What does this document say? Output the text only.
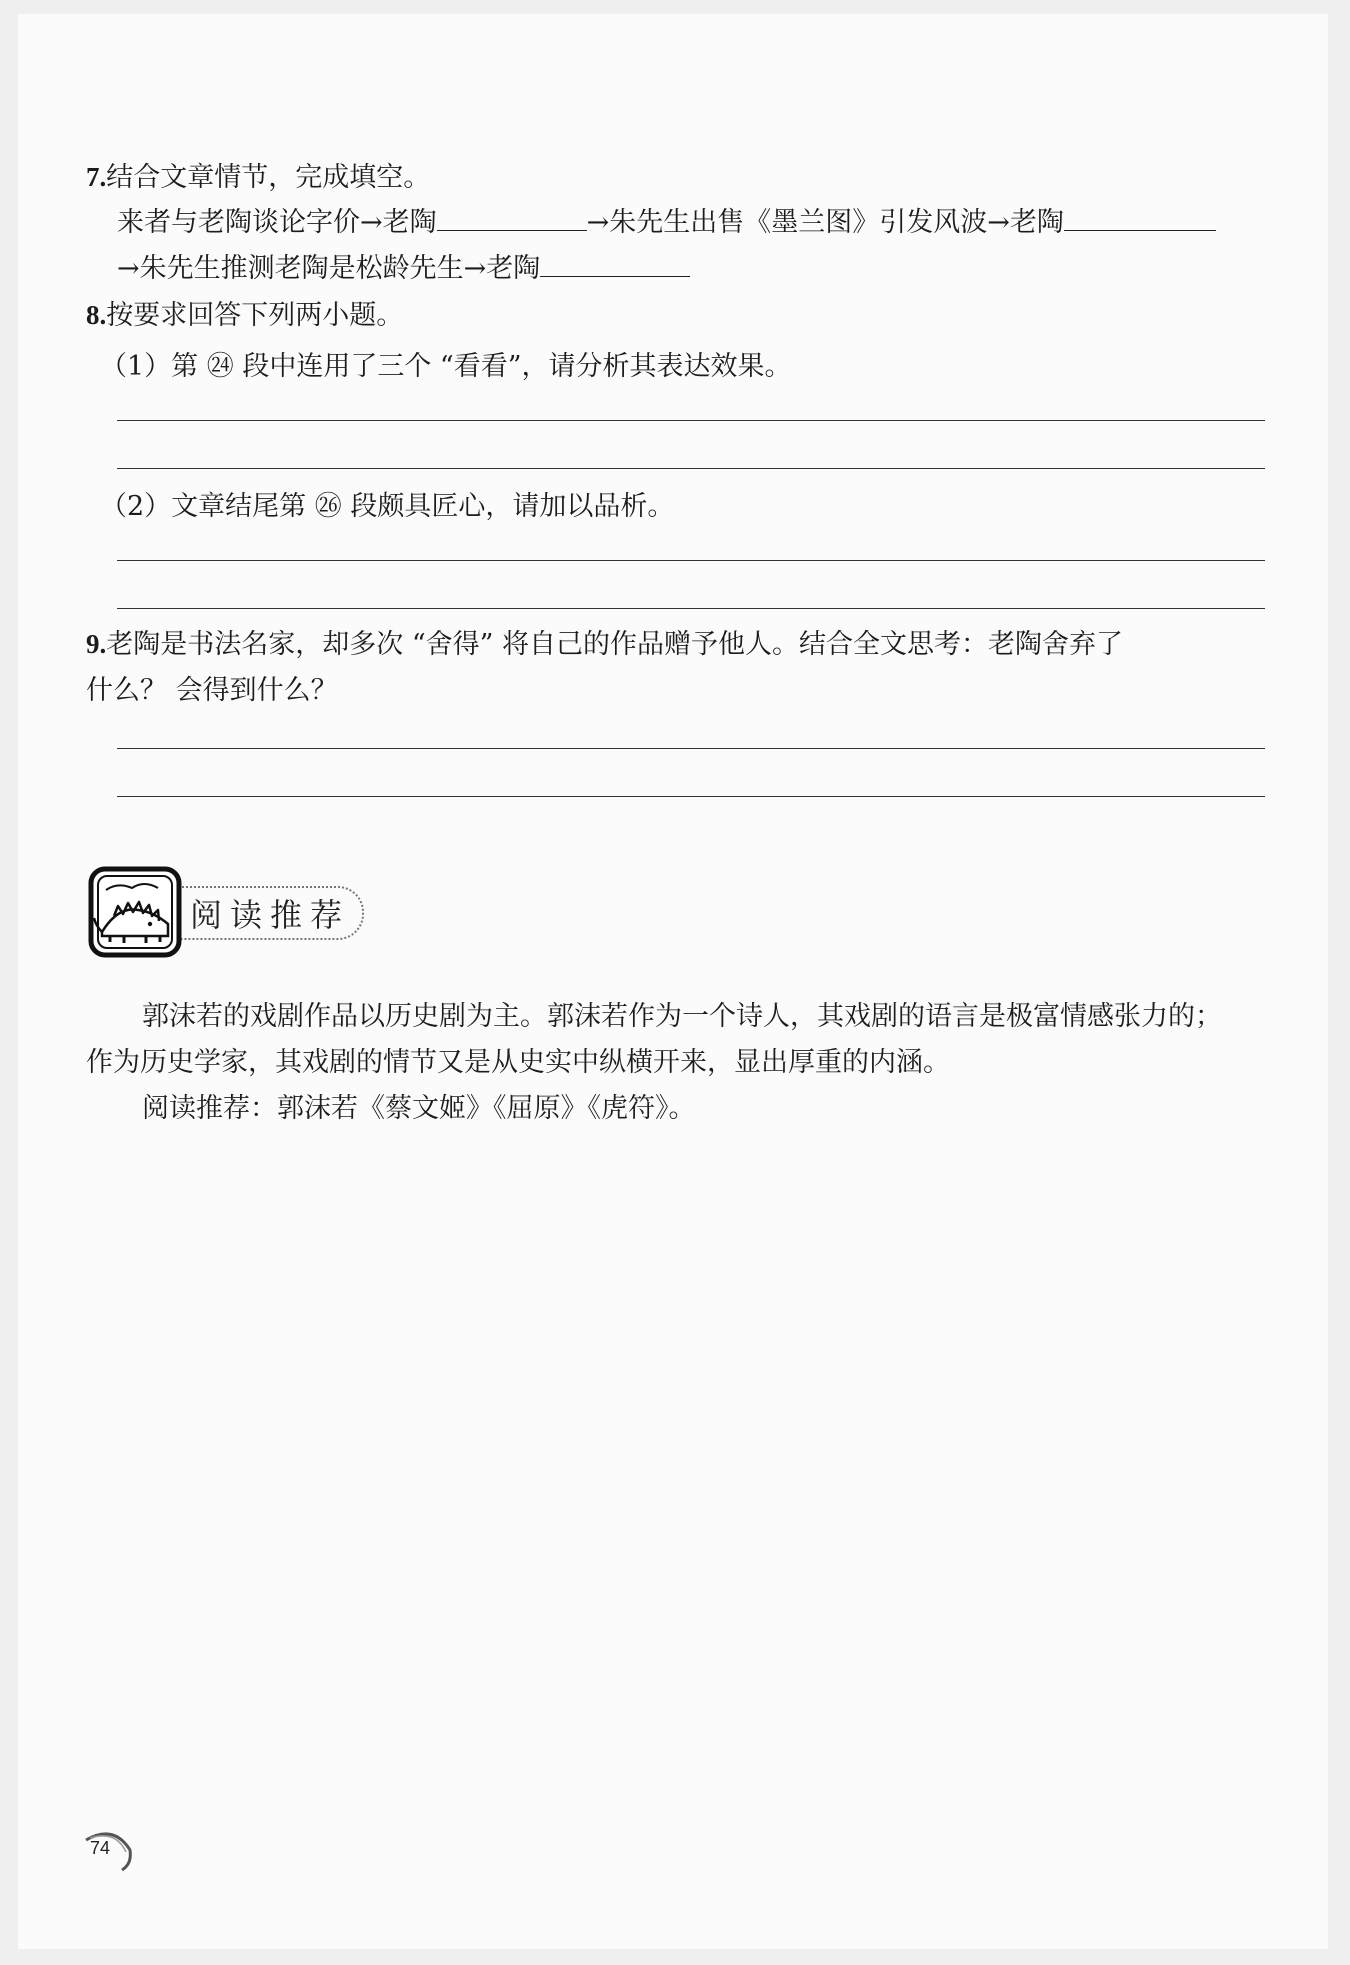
7.结合文章情节，完成填空。
来者与老陶谈论字价→老陶	→朱先生出售《墨兰图》引发风波→老陶
→朱先生推测老陶是松龄先生→老陶
8.按要求回答下列两小题。
（1）第 ㉔ 段中连用了三个 “看看”，请分析其表达效果。
（2）文章结尾第 ㉖ 段颇具匠心，请加以品析。
9.老陶是书法名家，却多次 “舍得” 将自己的作品赠予他人。结合全文思考：老陶舍弃了
什么？ 会得到什么？
阅读推荐
郭沫若的戏剧作品以历史剧为主。郭沫若作为一个诗人，其戏剧的语言是极富情感张力的；
作为历史学家，其戏剧的情节又是从史实中纵横开来，显出厚重的内涵。
阅读推荐：郭沫若《蔡文姬》《屈原》《虎符》。
74
